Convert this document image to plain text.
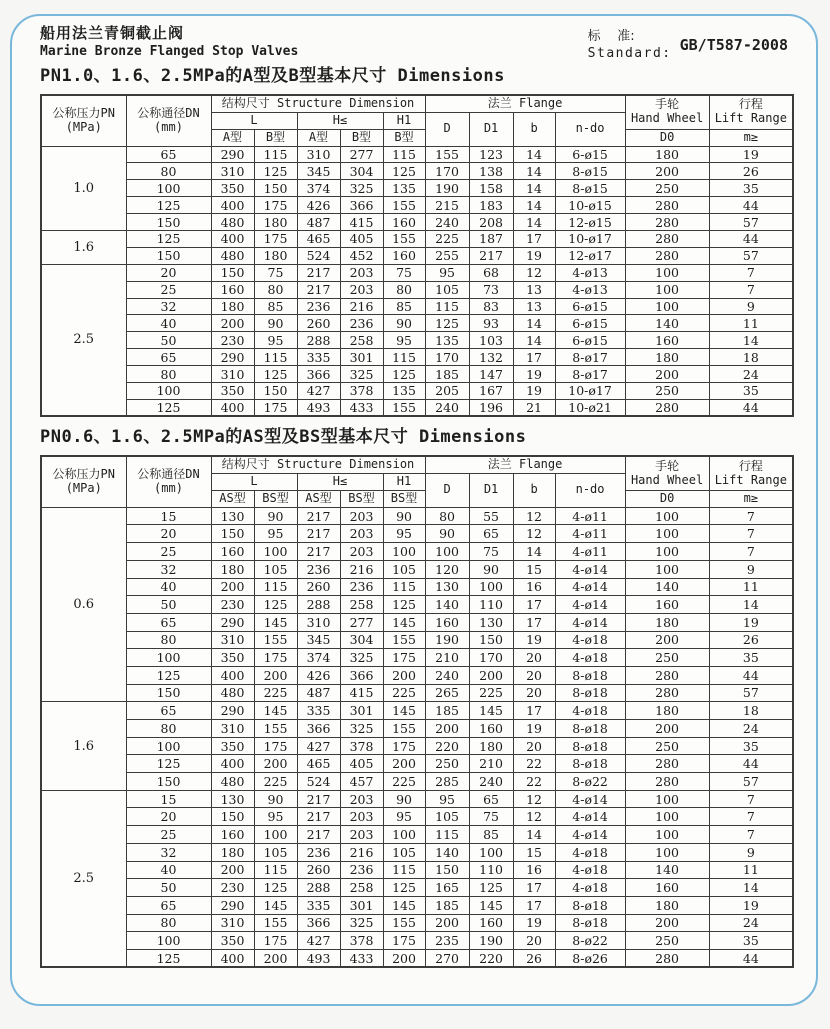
船用法兰青铜截止阀
Marine Bronze Flanged Stop Valves
标    准:
Standard: GB/T587-2008
PN1.0、1.6、2.5MPa的A型及B型基本尺寸 Dimensions
公称压力PN
(MPa)	公称通径DN
(mm)	结构尺寸 Structure Dimension					法兰 Flange				手轮
Hand Wheel	行程
Lift Range

		L		H≤		H1	D	D1	b	n-do		
		A型	B型	A型	B型	B型					D0	m≥
1.0	65	290	115	310	277	115	155	123	14	6-ø15	180	19
	80	310	125	345	304	125	170	138	14	8-ø15	200	26
	100	350	150	374	325	135	190	158	14	8-ø15	250	35
	125	400	175	426	366	155	215	183	14	10-ø15	280	44
	150	480	180	487	415	160	240	208	14	12-ø15	280	57
1.6	125	400	175	465	405	155	225	187	17	10-ø17	280	44
	150	480	180	524	452	160	255	217	19	12-ø17	280	57
2.5	20	150	75	217	203	75	95	68	12	4-ø13	100	7
	25	160	80	217	203	80	105	73	13	4-ø13	100	7
	32	180	85	236	216	85	115	83	13	6-ø15	100	9
	40	200	90	260	236	90	125	93	14	6-ø15	140	11
	50	230	95	288	258	95	135	103	14	6-ø15	160	14
	65	290	115	335	301	115	170	132	17	8-ø17	180	18
	80	310	125	366	325	125	185	147	19	8-ø17	200	24
	100	350	150	427	378	135	205	167	19	10-ø17	250	35
	125	400	175	493	433	155	240	196	21	10-ø21	280	44
PN0.6、1.6、2.5MPa的AS型及BS型基本尺寸 Dimensions
公称压力PN
(MPa)	公称通径DN
(mm)	结构尺寸 Structure Dimension					法兰 Flange				手轮
Hand Wheel	行程
Lift Range

		L		H≤		H1	D	D1	b	n-do		
		AS型	BS型	AS型	BS型	BS型					D0	m≥
0.6	15	130	90	217	203	90	80	55	12	4-ø11	100	7
	20	150	95	217	203	95	90	65	12	4-ø11	100	7
	25	160	100	217	203	100	100	75	14	4-ø11	100	7
	32	180	105	236	216	105	120	90	15	4-ø14	100	9
	40	200	115	260	236	115	130	100	16	4-ø14	140	11
	50	230	125	288	258	125	140	110	17	4-ø14	160	14
	65	290	145	310	277	145	160	130	17	4-ø14	180	19
	80	310	155	345	304	155	190	150	19	4-ø18	200	26
	100	350	175	374	325	175	210	170	20	4-ø18	250	35
	125	400	200	426	366	200	240	200	20	8-ø18	280	44
	150	480	225	487	415	225	265	225	20	8-ø18	280	57
1.6	65	290	145	335	301	145	185	145	17	4-ø18	180	18
	80	310	155	366	325	155	200	160	19	8-ø18	200	24
	100	350	175	427	378	175	220	180	20	8-ø18	250	35
	125	400	200	465	405	200	250	210	22	8-ø18	280	44
	150	480	225	524	457	225	285	240	22	8-ø22	280	57
2.5	15	130	90	217	203	90	95	65	12	4-ø14	100	7
	20	150	95	217	203	95	105	75	12	4-ø14	100	7
	25	160	100	217	203	100	115	85	14	4-ø14	100	7
	32	180	105	236	216	105	140	100	15	4-ø18	100	9
	40	200	115	260	236	115	150	110	16	4-ø18	140	11
	50	230	125	288	258	125	165	125	17	4-ø18	160	14
	65	290	145	335	301	145	185	145	17	8-ø18	180	19
	80	310	155	366	325	155	200	160	19	8-ø18	200	24
	100	350	175	427	378	175	235	190	20	8-ø22	250	35
	125	400	200	493	433	200	270	220	26	8-ø26	280	44
